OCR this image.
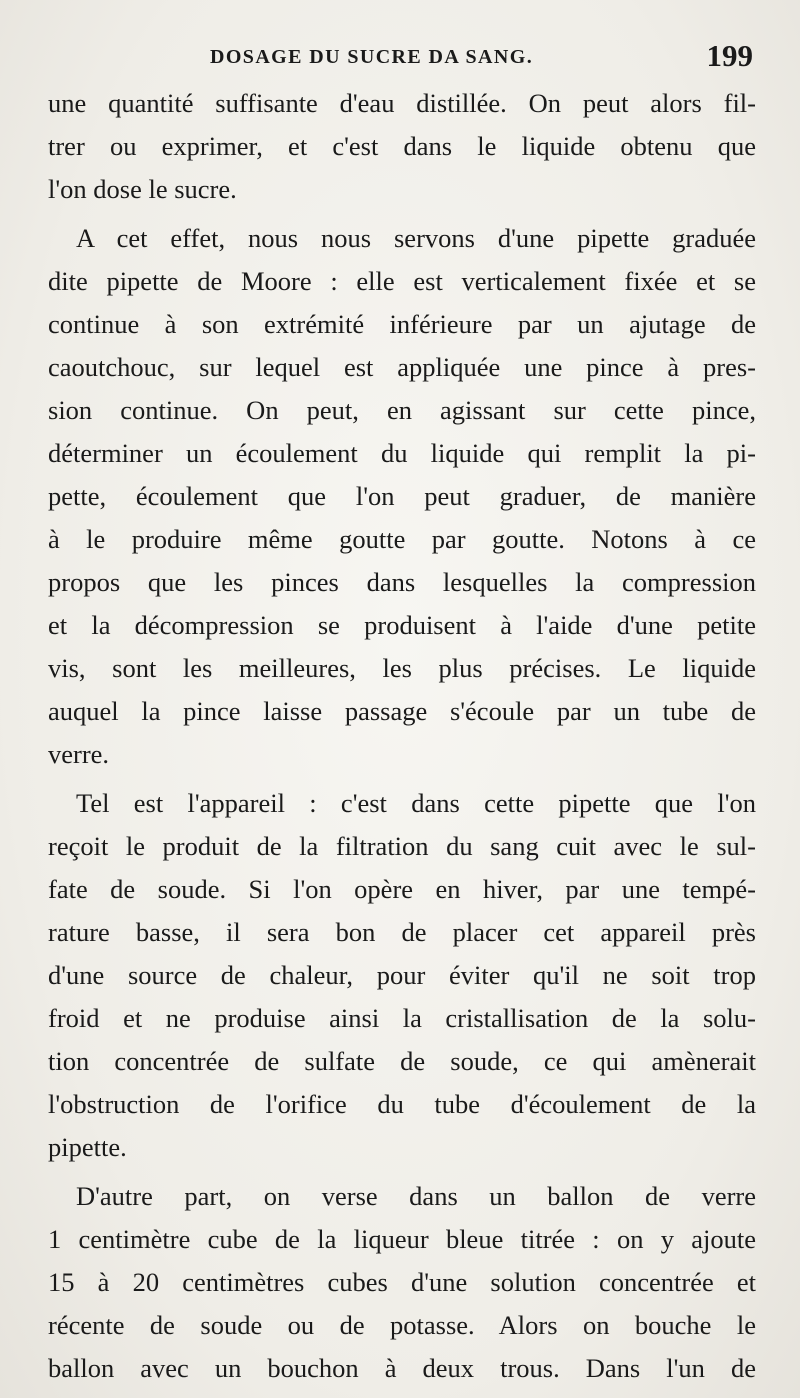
DOSAGE DU SUCRE DA SANG.	199
une quantité suffisante d'eau distillée. On peut alors fil-
trer ou exprimer, et c'est dans le liquide obtenu que
l'on dose le sucre.
A cet effet, nous nous servons d'une pipette graduée
dite pipette de Moore : elle est verticalement fixée et se
continue à son extrémité inférieure par un ajutage de
caoutchouc, sur lequel est appliquée une pince à pres-
sion continue. On peut, en agissant sur cette pince,
déterminer un écoulement du liquide qui remplit la pi-
pette, écoulement que l'on peut graduer, de manière
à le produire même goutte par goutte. Notons à ce
propos que les pinces dans lesquelles la compression
et la décompression se produisent à l'aide d'une petite
vis, sont les meilleures, les plus précises. Le liquide
auquel la pince laisse passage s'écoule par un tube de
verre.
Tel est l'appareil : c'est dans cette pipette que l'on
reçoit le produit de la filtration du sang cuit avec le sul-
fate de soude. Si l'on opère en hiver, par une tempé-
rature basse, il sera bon de placer cet appareil près
d'une source de chaleur, pour éviter qu'il ne soit trop
froid et ne produise ainsi la cristallisation de la solu-
tion concentrée de sulfate de soude, ce qui amènerait
l'obstruction de l'orifice du tube d'écoulement de la
pipette.
D'autre part, on verse dans un ballon de verre
1 centimètre cube de la liqueur bleue titrée : on y ajoute
15 à 20 centimètres cubes d'une solution concentrée et
récente de soude ou de potasse. Alors on bouche le
ballon avec un bouchon à deux trous. Dans l'un de
